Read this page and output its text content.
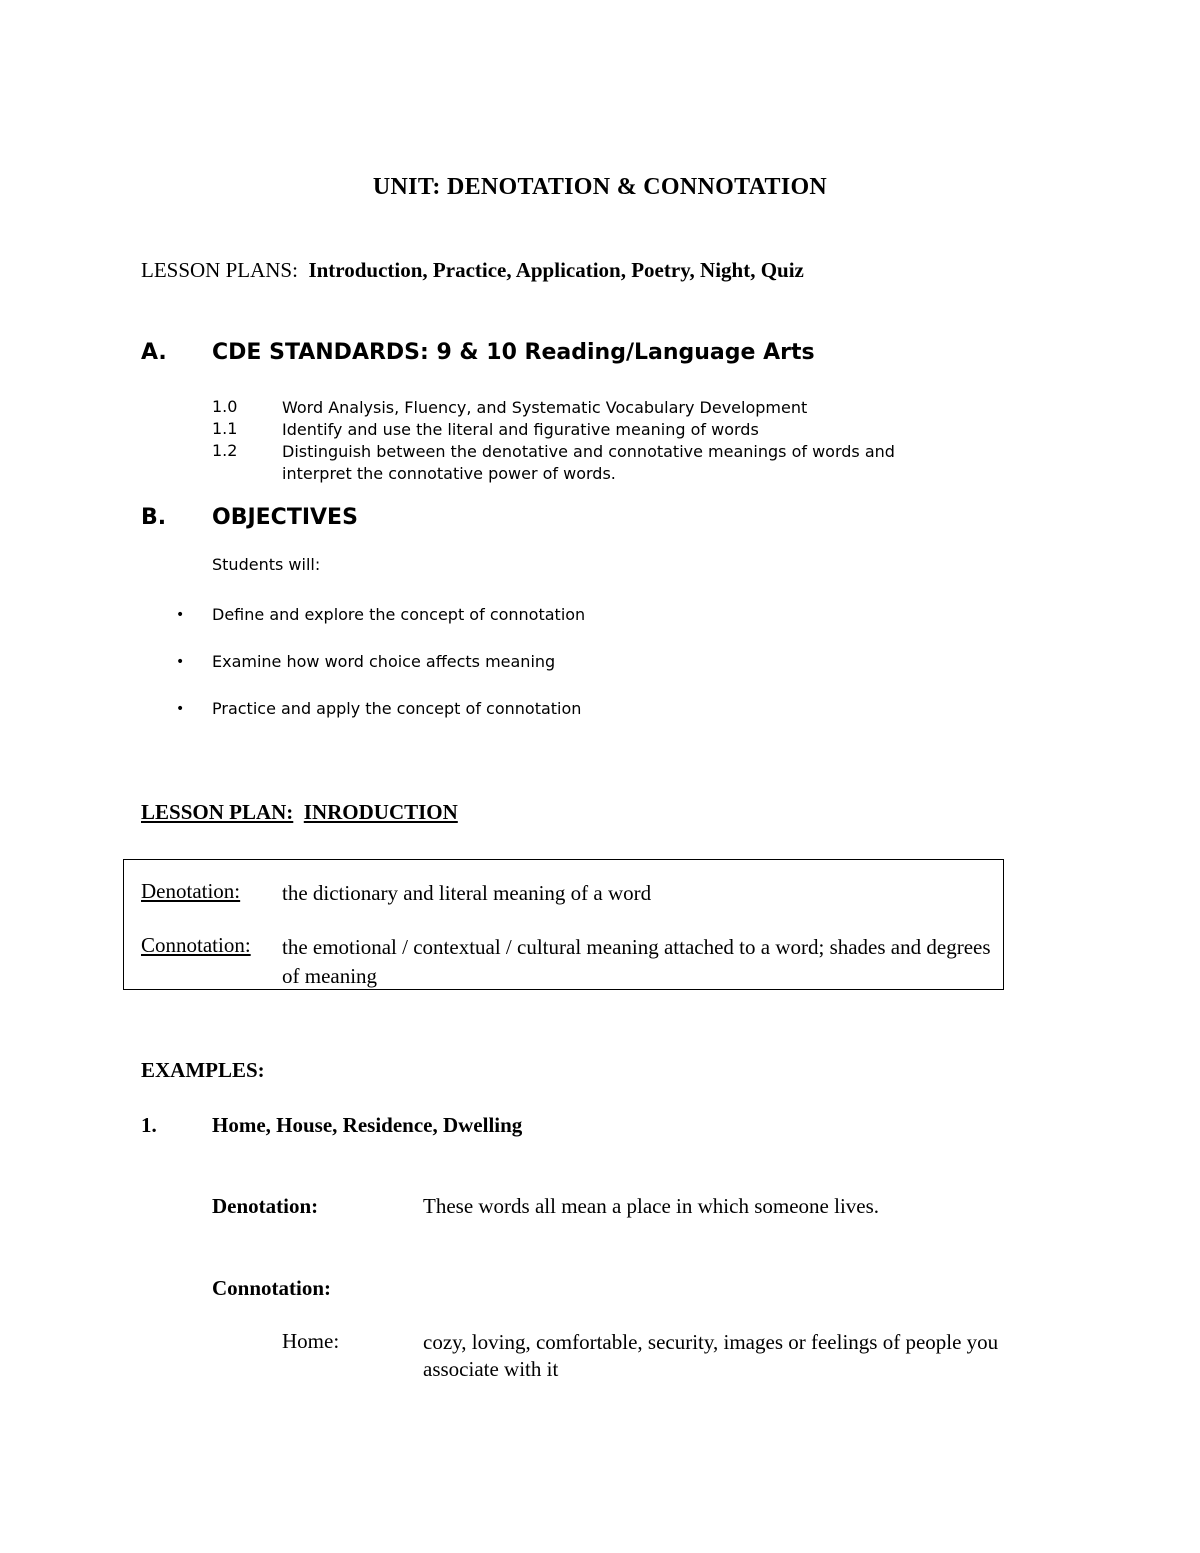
UNIT: DENOTATION & CONNOTATION
LESSON PLANS: Introduction, Practice, Application, Poetry, Night, Quiz
A. CDE STANDARDS: 9 & 10 Reading/Language Arts
1.0	Word Analysis, Fluency, and Systematic Vocabulary Development
1.1	Identify and use the literal and figurative meaning of words
1.2	Distinguish between the denotative and connotative meanings of words and interpret the connotative power of words.
B. OBJECTIVES
Students will:
• Define and explore the concept of connotation
• Examine how word choice affects meaning
• Practice and apply the concept of connotation
LESSON PLAN: INRODUCTION
Denotation: the dictionary and literal meaning of a word
Connotation: the emotional / contextual / cultural meaning attached to a word; shades and degrees of meaning
EXAMPLES:
1.	Home, House, Residence, Dwelling
Denotation:	These words all mean a place in which someone lives.
Connotation:
Home:	cozy, loving, comfortable, security, images or feelings of people you associate with it
